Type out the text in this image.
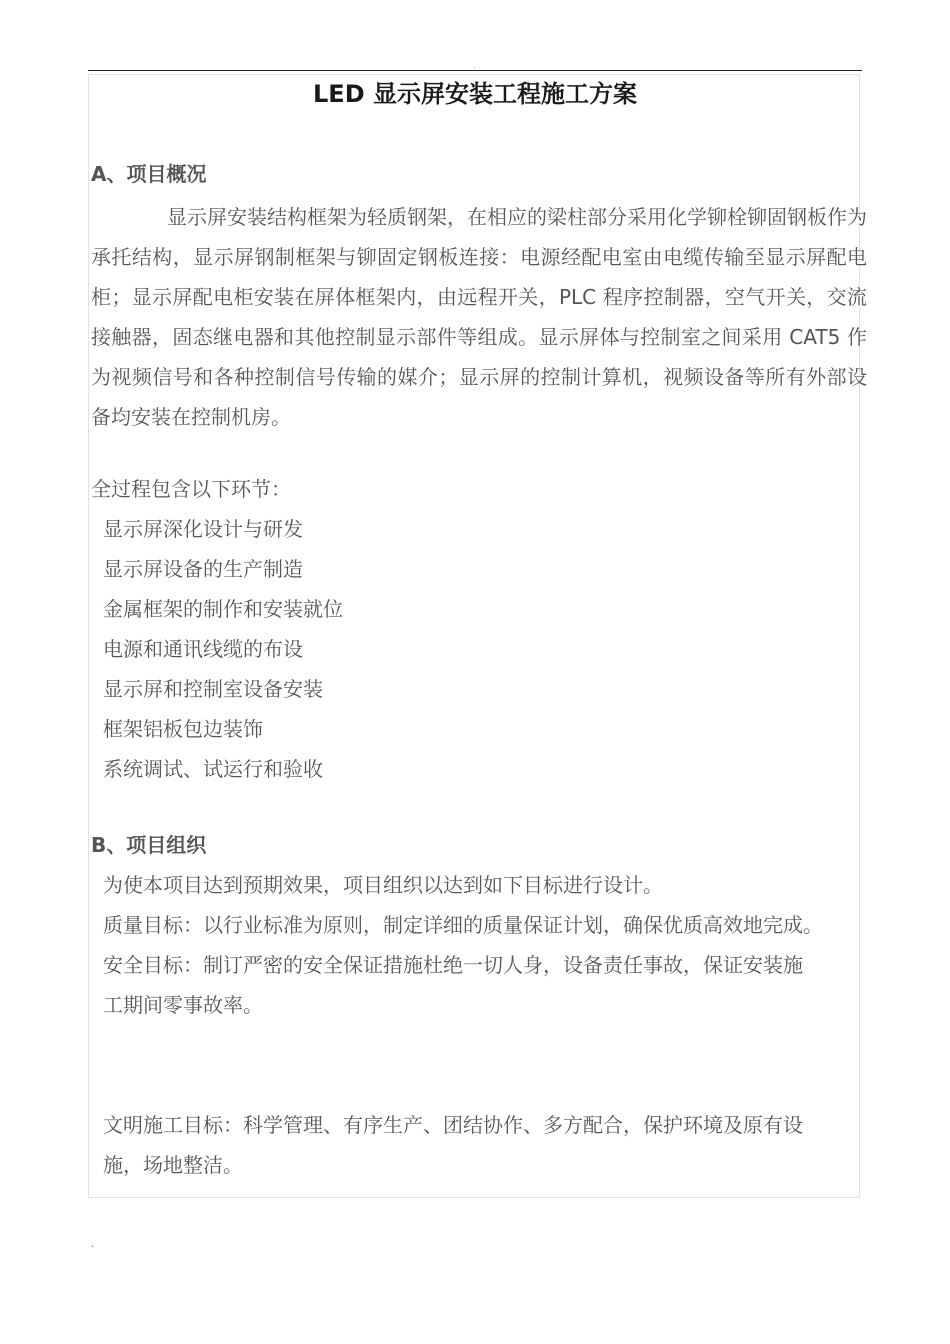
.
LED 显示屏安装工程施工方案
A、项目概况
显示屏安装结构框架为轻质钢架，在相应的梁柱部分采用化学铆栓铆固钢板作为承托结构，显示屏钢制框架与铆固定钢板连接：电源经配电室由电缆传输至显示屏配电柜；显示屏配电柜安装在屏体框架内，由远程开关，PLC 程序控制器，空气开关，交流接触器，固态继电器和其他控制显示部件等组成。显示屏体与控制室之间采用 CAT5 作为视频信号和各种控制信号传输的媒介；显示屏的控制计算机，视频设备等所有外部设备均安装在控制机房。
全过程包含以下环节：
显示屏深化设计与研发
显示屏设备的生产制造
金属框架的制作和安装就位
电源和通讯线缆的布设
显示屏和控制室设备安装
框架铝板包边装饰
系统调试、试运行和验收
B、项目组织
为使本项目达到预期效果，项目组织以达到如下目标进行设计。
质量目标：以行业标准为原则，制定详细的质量保证计划，确保优质高效地完成。
安全目标：制订严密的安全保证措施杜绝一切人身，设备责任事故，保证安装施
工期间零事故率。
文明施工目标：科学管理、有序生产、团结协作、多方配合，保护环境及原有设
施，场地整洁。
.
